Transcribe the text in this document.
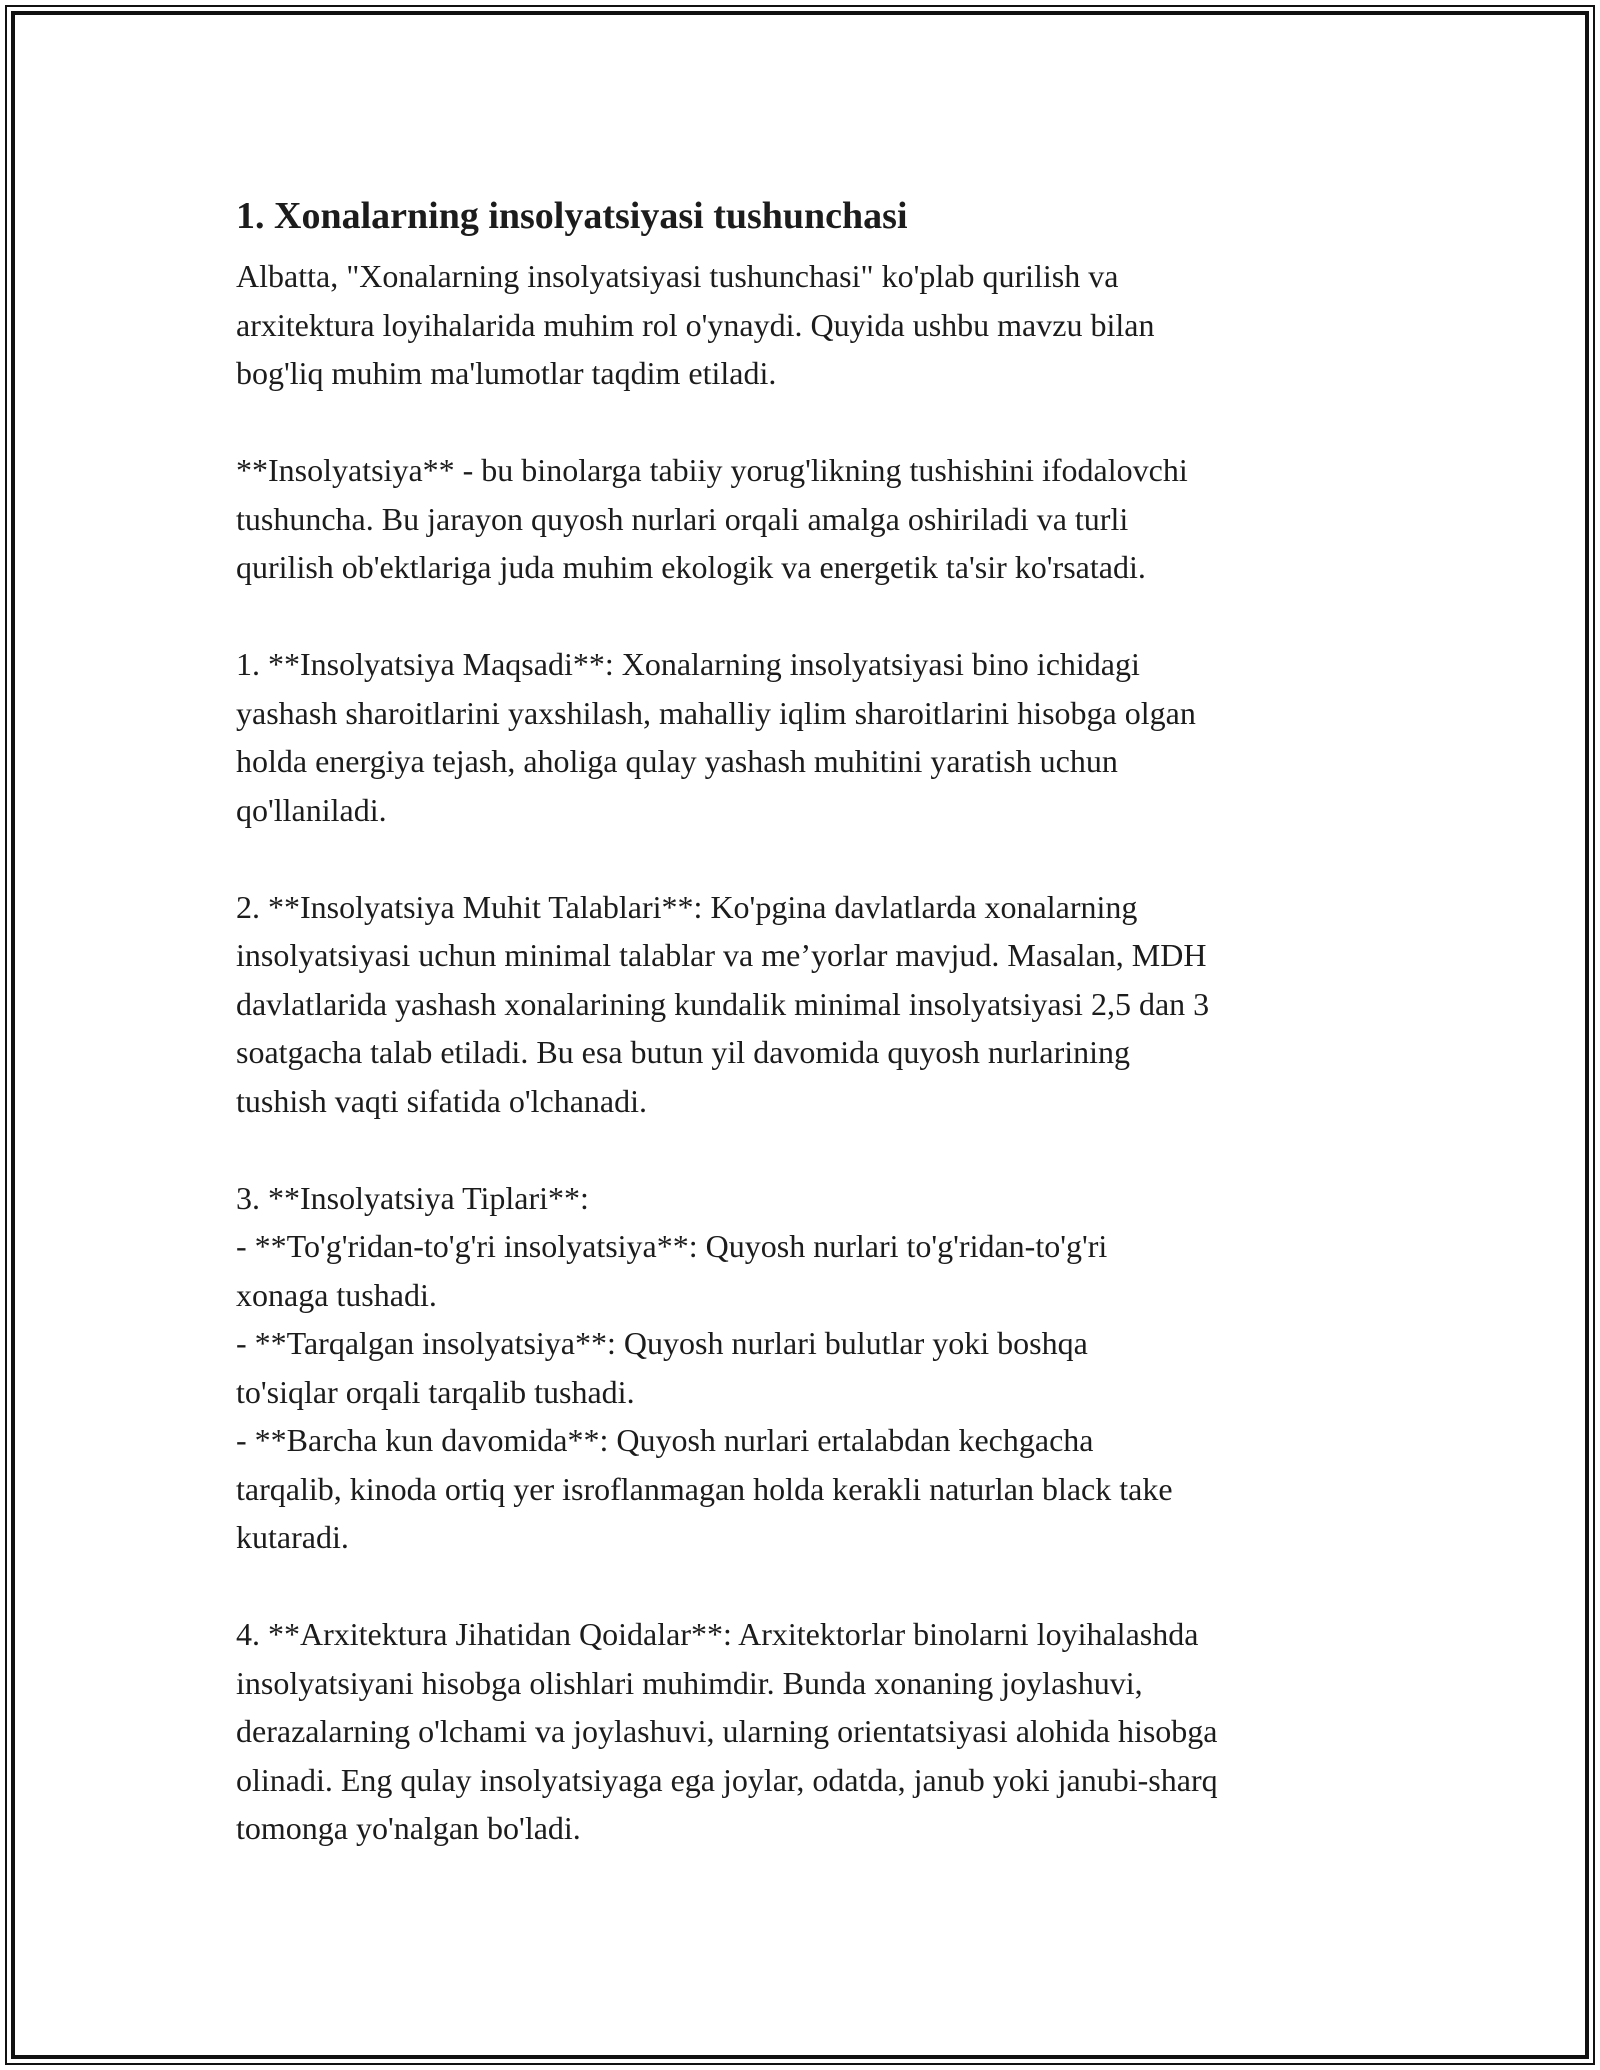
1. Xonalarning insolyatsiyasi tushunchasi

Albatta, "Xonalarning insolyatsiyasi tushunchasi" ko'plab qurilish va
arxitektura loyihalarida muhim rol o'ynaydi. Quyida ushbu mavzu bilan
bog'liq muhim ma'lumotlar taqdim etiladi.

**Insolyatsiya** - bu binolarga tabiiy yorug'likning tushishini ifodalovchi
tushuncha. Bu jarayon quyosh nurlari orqali amalga oshiriladi va turli
qurilish ob'ektlariga juda muhim ekologik va energetik ta'sir ko'rsatadi.

1. **Insolyatsiya Maqsadi**: Xonalarning insolyatsiyasi bino ichidagi
yashash sharoitlarini yaxshilash, mahalliy iqlim sharoitlarini hisobga olgan
holda energiya tejash, aholiga qulay yashash muhitini yaratish uchun
qo'llaniladi.

2. **Insolyatsiya Muhit Talablari**: Ko'pgina davlatlarda xonalarning
insolyatsiyasi uchun minimal talablar va me’yorlar mavjud. Masalan, MDH
davlatlarida yashash xonalarining kundalik minimal insolyatsiyasi 2,5 dan 3
soatgacha talab etiladi. Bu esa butun yil davomida quyosh nurlarining
tushish vaqti sifatida o'lchanadi.

3. **Insolyatsiya Tiplari**:
- **To'g'ridan-to'g'ri insolyatsiya**: Quyosh nurlari to'g'ridan-to'g'ri
xonaga tushadi.
- **Tarqalgan insolyatsiya**: Quyosh nurlari bulutlar yoki boshqa
to'siqlar orqali tarqalib tushadi.
- **Barcha kun davomida**: Quyosh nurlari ertalabdan kechgacha
tarqalib, kinoda ortiq yer isroflanmagan holda kerakli naturlan black take
kutaradi.

4. **Arxitektura Jihatidan Qoidalar**: Arxitektorlar binolarni loyihalashda
insolyatsiyani hisobga olishlari muhimdir. Bunda xonaning joylashuvi,
derazalarning o'lchami va joylashuvi, ularning orientatsiyasi alohida hisobga
olinadi. Eng qulay insolyatsiyaga ega joylar, odatda, janub yoki janubi-sharq
tomonga yo'nalgan bo'ladi.
